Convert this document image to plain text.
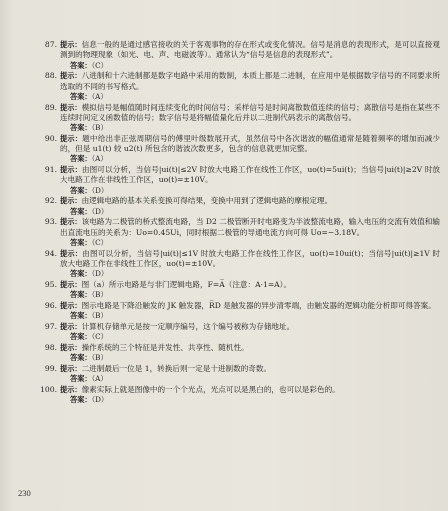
87. 提示：信息一般的是通过感官接收的关于客观事物的存在形式或变化情况。信号是消息的表现形式，是可以直接观测到的物理现象（如光、电、声、电磁波等）。通常认为“信号是信息的表现形式”。
答案：（C）
88. 提示：八进制和十六进制都是数字电路中采用的数制，本质上都是二进制，在应用中是根据数字信号的不同要求所选取的不同的书写格式。
答案：（A）
89. 提示：模拟信号是幅值随时间连续变化的时间信号；采样信号是时间离散数值连续的信号；离散信号是指在某些不连续时间定义函数值的信号；数字信号是将幅值量化后并以二进制代码表示的离散信号。
答案：（B）
90. 提示：题中给出非正弦周期信号的傅里叶级数展开式，虽然信号中各次谐波的幅值通常是随着频率的增加而减少的，但是 u1(t) 较 u2(t) 所包含的谐波次数更多，包含的信息就更加完整。
答案：（A）
91. 提示：由图可以分析，当信号|ui(t)|≤2V 时放大电路工作在线性工作区，uo(t)=5ui(t)；当信号|ui(t)|≥2V 时放大电路工作在非线性工作区，uo(t)=±10V。
答案：（D）
92. 提示：由逻辑电路的基本关系变换可得结果，变换中用到了逻辑电路的摩根定理。
答案：（D）
93. 提示：该电路为二极管的桥式整流电路，当 D2 二极管断开时电路变为半波整流电路，输入电压的交流有效值和输出直流电压的关系为：Uo=0.45Ui，同时根据二极管的导通电流方向可得 Uo=−3.18V。
答案：（C）
94. 提示：由图可以分析，当信号|ui(t)|≤1V 时放大电路工作在线性工作区，uo(t)=10ui(t)；当信号|ui(t)|≥1V 时放大电路工作在非线性工作区，uo(t)=±10V。
答案：（D）
95. 提示：图（a）所示电路是与非门逻辑电路，F=A̅（注意：A·1=A）。
答案：（B）
96. 提示：图示电路是下降沿触发的 JK 触发器，R̅D 是触发器的异步清零端，由触发器的逻辑功能分析即可得答案。
答案：（B）
97. 提示：计算机存储单元是按一定顺序编号，这个编号被称为存储地址。
答案：（C）
98. 提示：操作系统的三个特征是并发性、共享性、随机性。
答案：（B）
99. 提示：二进制最后一位是 1，转换后则一定是十进制数的奇数。
答案：（A）
100. 提示：像素实际上就是图像中的一个个光点，光点可以是黑白的，也可以是彩色的。
答案：（D）
230
